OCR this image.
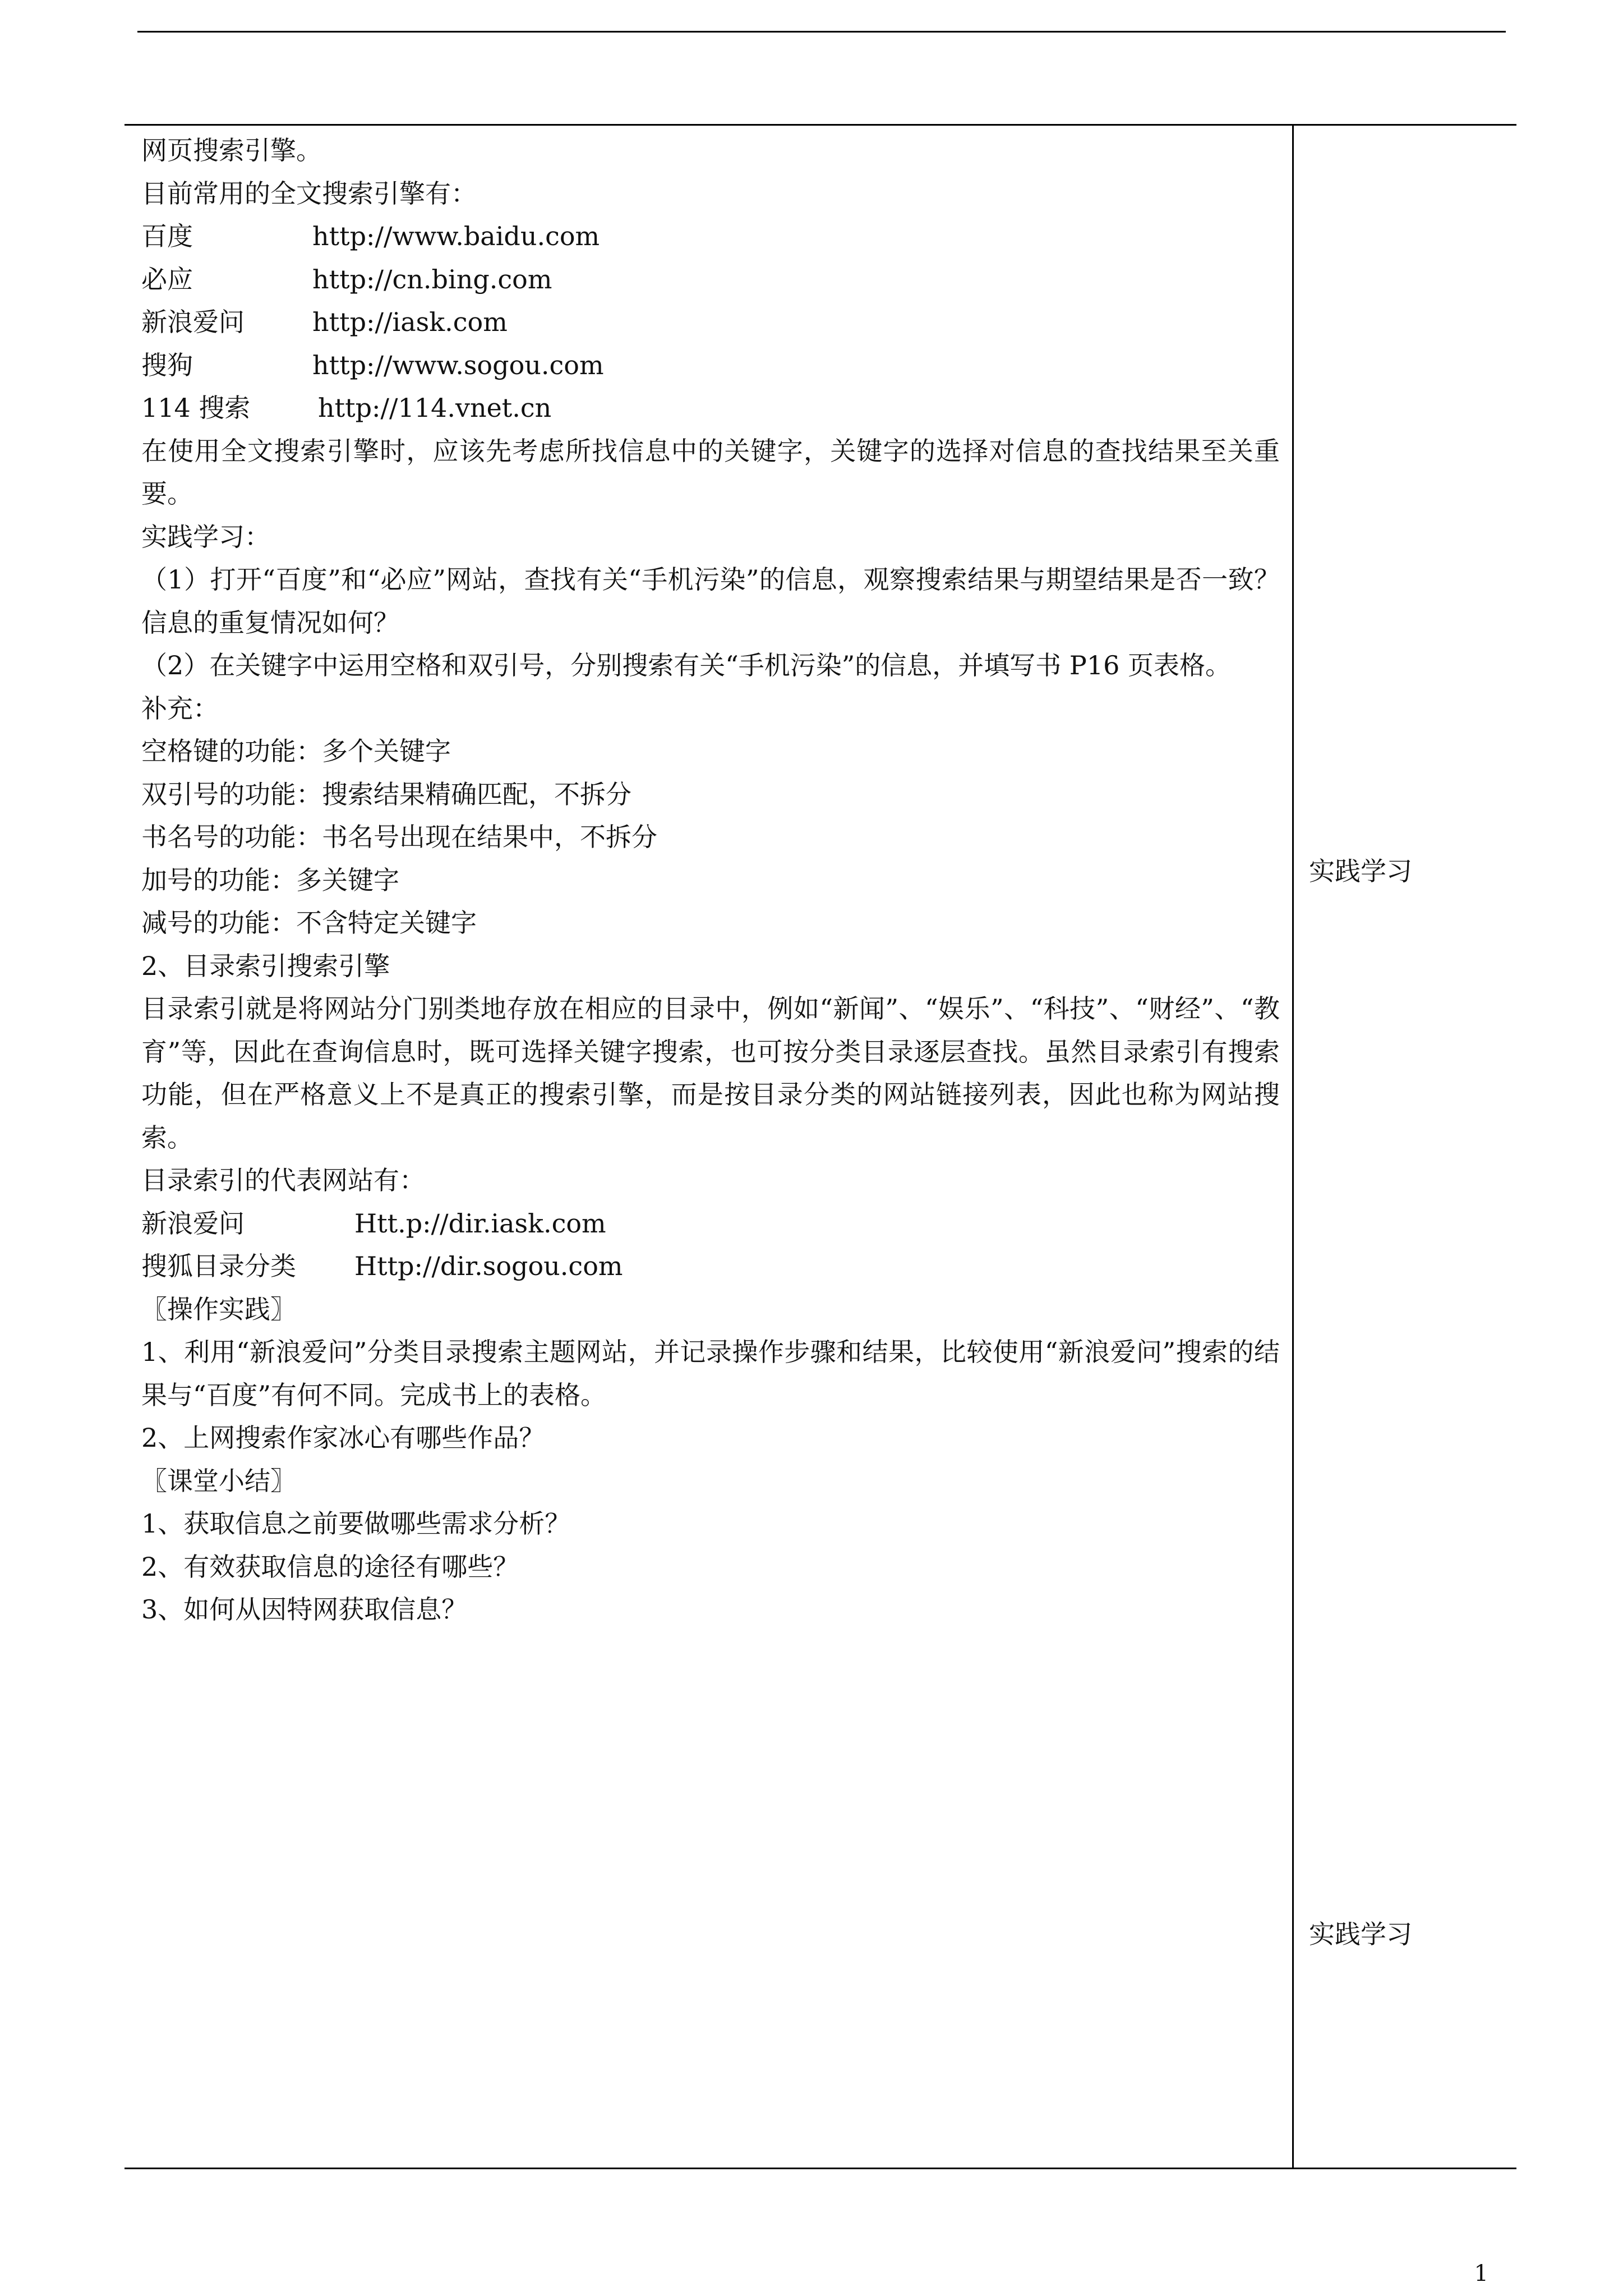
网页搜索引擎。
目前常用的全文搜索引擎有：
百度	http://www.baidu.com
必应	http://cn.bing.com
新浪爱问	http://iask.com
搜狗	http://www.sogou.com
114 搜索	http://114.vnet.cn
在使用全文搜索引擎时，应该先考虑所找信息中的关键字，关键字的选择对信息的查找结果至关重要。
实践学习：
（1）打开“百度”和“必应”网站，查找有关“手机污染”的信息，观察搜索结果与期望结果是否一致？信息的重复情况如何？
（2）在关键字中运用空格和双引号，分别搜索有关“手机污染”的信息，并填写书 P16 页表格。
补充：
空格键的功能：多个关键字
双引号的功能：搜索结果精确匹配，不拆分
书名号的功能：书名号出现在结果中，不拆分
加号的功能：多关键字
减号的功能：不含特定关键字
2、目录索引搜索引擎
目录索引就是将网站分门别类地存放在相应的目录中，例如“新闻”、“娱乐”、“科技”、“财经”、“教育”等，因此在查询信息时，既可选择关键字搜索，也可按分类目录逐层查找。虽然目录索引有搜索功能，但在严格意义上不是真正的搜索引擎，而是按目录分类的网站链接列表，因此也称为网站搜索。
目录索引的代表网站有：
新浪爱问	Htt.p://dir.iask.com
搜狐目录分类	Http://dir.sogou.com
〖操作实践〗
1、利用“新浪爱问”分类目录搜索主题网站，并记录操作步骤和结果，比较使用“新浪爱问”搜索的结果与“百度”有何不同。完成书上的表格。
2、上网搜索作家冰心有哪些作品？
〖课堂小结〗
1、获取信息之前要做哪些需求分析？
2、有效获取信息的途径有哪些？
3、如何从因特网获取信息？
实践学习
实践学习
1
